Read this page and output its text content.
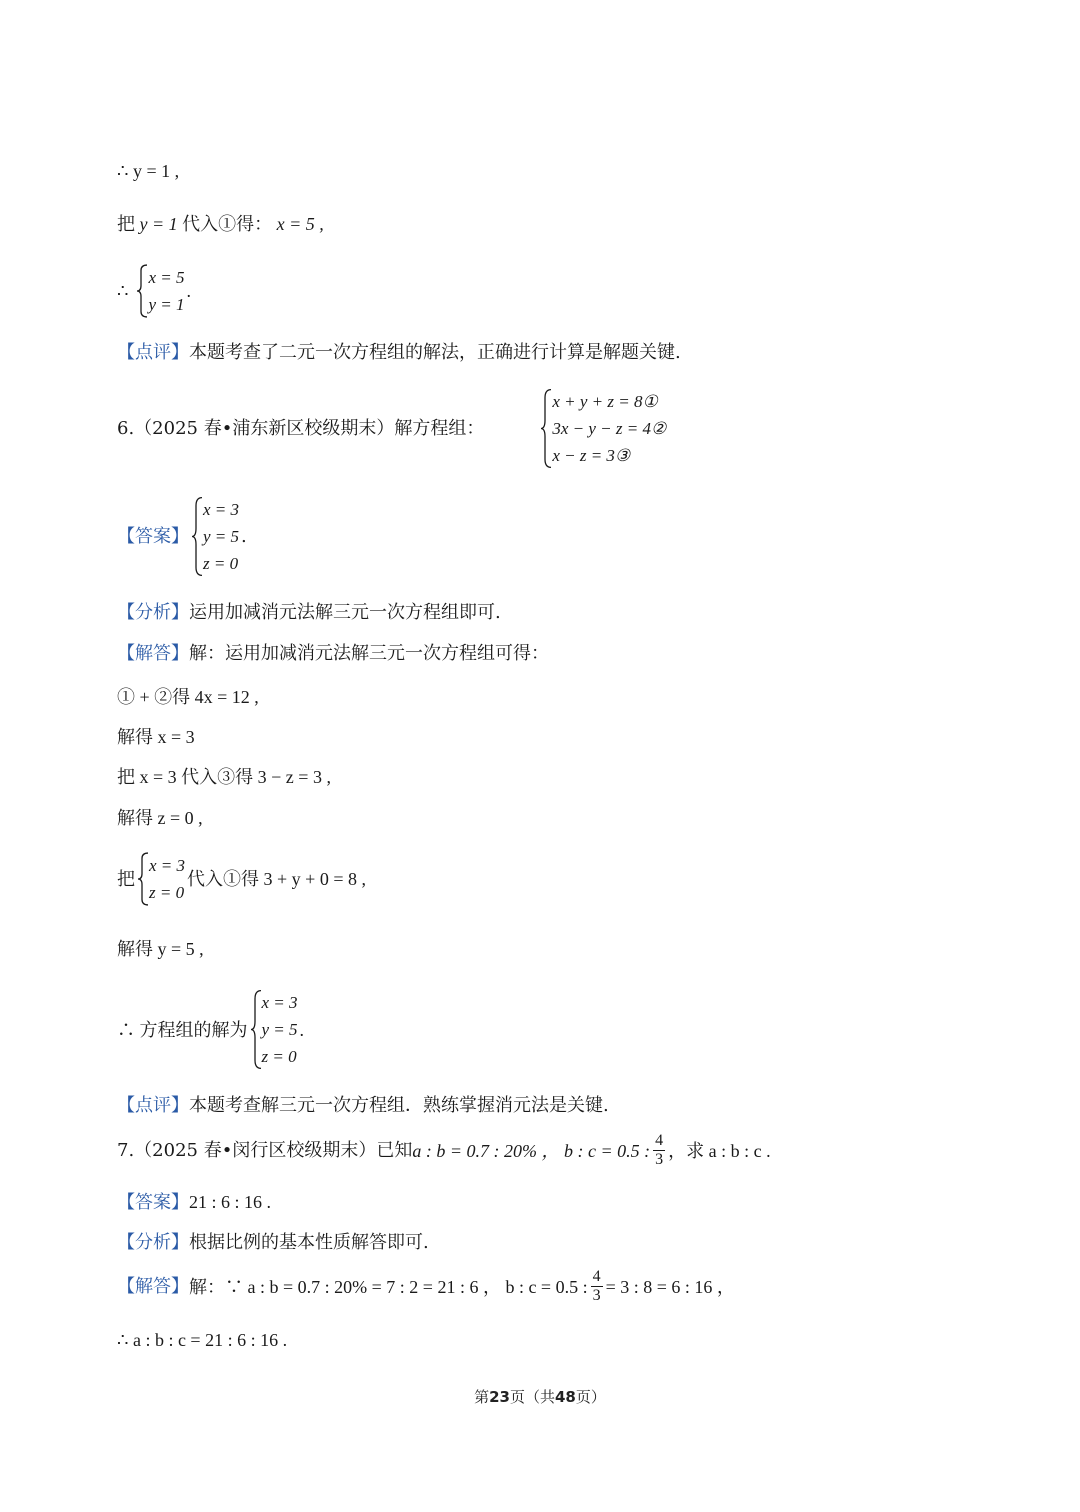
∴ y = 1 ,
把 y = 1 代入①得： x = 5 ,
∴
x = 5
y = 1
.
【点评】本题考查了二元一次方程组的解法，正确进行计算是解题关键.
6.（2025 春•浦东新区校级期末）解方程组：
x + y + z = 8①
3x − y − z = 4②
x − z = 3③
【答案】
x = 3
y = 5
z = 0
.
【分析】运用加减消元法解三元一次方程组即可.
【解答】解：运用加减消元法解三元一次方程组可得：
① + ②得 4x = 12 ,
解得 x = 3
把 x = 3 代入③得 3 − z = 3 ,
解得 z = 0 ,
把
x = 3
z = 0
代入①得 3 + y + 0 = 8 ,
解得 y = 5 ,
∴ 方程组的解为
x = 3
y = 5
z = 0
.
【点评】本题考查解三元一次方程组．熟练掌握消元法是关键.
7.（2025 春•闵行区校级期末）已知 a : b = 0.7 : 20% ， b : c = 0.5 : $\frac{4}{3}$ ，求 a : b : c .
【答案】21 : 6 : 16 .
【分析】根据比例的基本性质解答即可.
【解答】 解：∵ a : b = 0.7 : 20% = 7 : 2 = 21 : 6 ， b : c = 0.5 : $\frac{4}{3} = 3$ : 8 = 6 : 16 ，
∴ a : b : c = 21 : 6 : 16 .
第23页（共48页）
